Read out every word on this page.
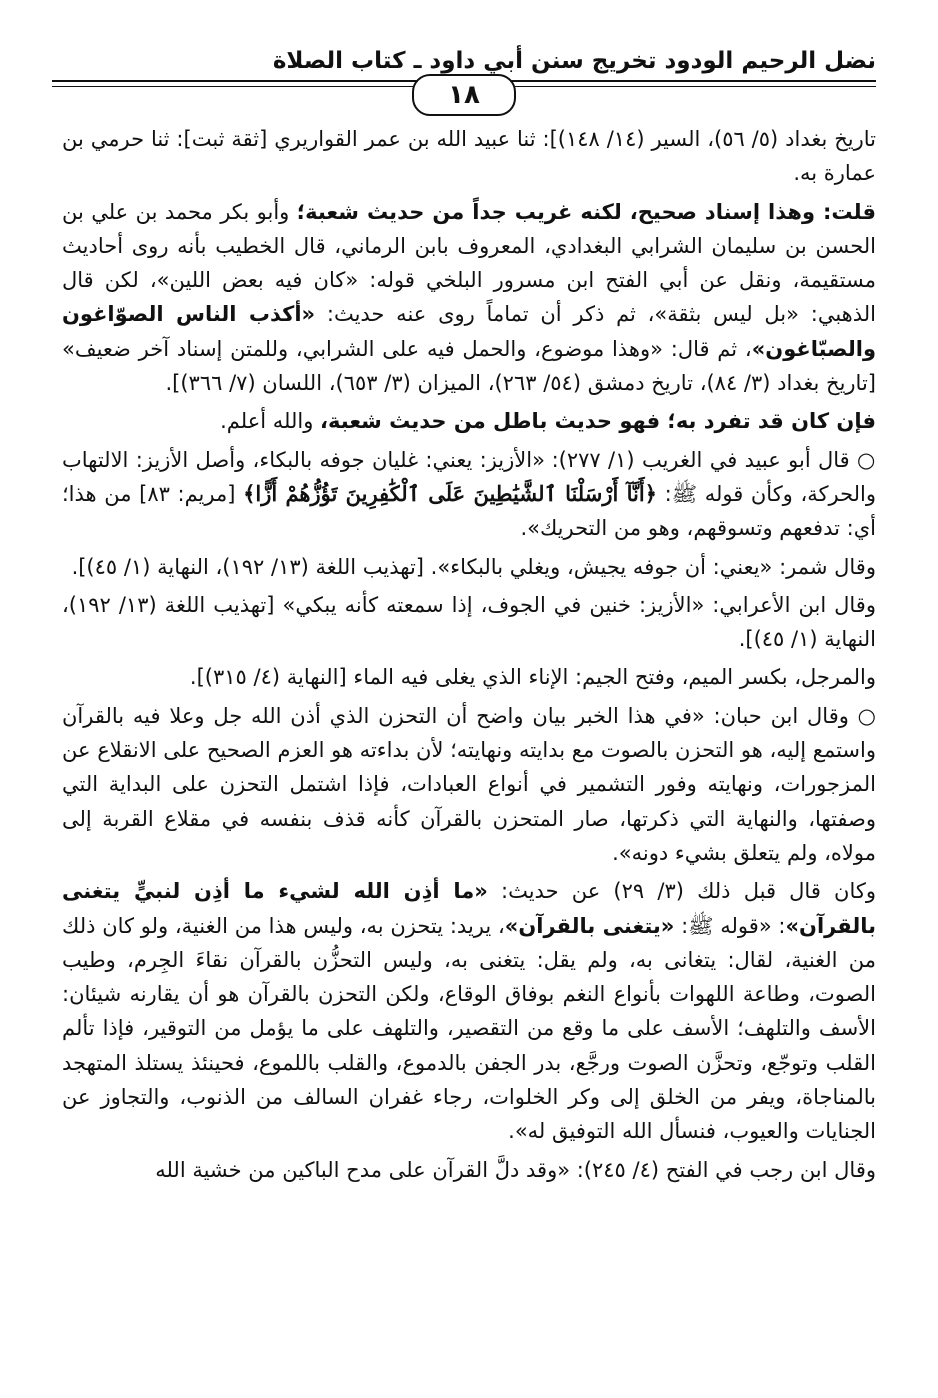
نضل الرحيم الودود تخريج سنن أبي داود ـ كتاب الصلاة
١٨

تاريخ بغداد (٥/ ٥٦)، السير (١٤/ ١٤٨)]: ثنا عبيد الله بن عمر القواريري [ثقة ثبت]: ثنا حرمي بن عمارة به.

قلت: وهذا إسناد صحيح، لكنه غريب جداً من حديث شعبة؛ وأبو بكر محمد بن علي بن الحسن بن سليمان الشرابي البغدادي، المعروف بابن الرماني، قال الخطيب بأنه روى أحاديث مستقيمة، ونقل عن أبي الفتح ابن مسرور البلخي قوله: «كان فيه بعض اللين»، لكن قال الذهبي: «بل ليس بثقة»، ثم ذكر أن تماماً روى عنه حديث: «أكذب الناس الصوّاغون والصبّاغون»، ثم قال: «وهذا موضوع، والحمل فيه على الشرابي، وللمتن إسناد آخر ضعيف» [تاريخ بغداد (٣/ ٨٤)، تاريخ دمشق (٥٤/ ٢٦٣)، الميزان (٣/ ٦٥٣)، اللسان (٧/ ٣٦٦)].

فإن كان قد تفرد به؛ فهو حديث باطل من حديث شعبة، والله أعلم.

○ قال أبو عبيد في الغريب (١/ ٢٧٧): «الأزيز: يعني: غليان جوفه بالبكاء، وأصل الأزيز: الالتهاب والحركة، وكأن قوله ﷺ: ﴿أَنَّآ أَرْسَلْنَا ٱلشَّيَٰطِينَ عَلَى ٱلْكَٰفِرِينَ تَؤُزُّهُمْ أَزًّا﴾ [مريم: ٨٣] من هذا؛ أي: تدفعهم وتسوقهم، وهو من التحريك».

وقال شمر: «يعني: أن جوفه يجيش، ويغلي بالبكاء». [تهذيب اللغة (١٣/ ١٩٢)، النهاية (١/ ٤٥)].

وقال ابن الأعرابي: «الأزيز: خنين في الجوف، إذا سمعته كأنه يبكي» [تهذيب اللغة (١٣/ ١٩٢)، النهاية (١/ ٤٥)].

والمرجل، بكسر الميم، وفتح الجيم: الإناء الذي يغلى فيه الماء [النهاية (٤/ ٣١٥)].

○ وقال ابن حبان: «في هذا الخبر بيان واضح أن التحزن الذي أذن الله جل وعلا فيه بالقرآن واستمع إليه، هو التحزن بالصوت مع بدايته ونهايته؛ لأن بداءته هو العزم الصحيح على الانقلاع عن المزجورات، ونهايته وفور التشمير في أنواع العبادات، فإذا اشتمل التحزن على البداية التي وصفتها، والنهاية التي ذكرتها، صار المتحزن بالقرآن كأنه قذف بنفسه في مقلاع القربة إلى مولاه، ولم يتعلق بشيء دونه».

وكان قال قبل ذلك (٣/ ٢٩) عن حديث: «ما أذِن الله لشيء ما أذِن لنبيٍّ يتغنى بالقرآن»: «قوله ﷺ: «يتغنى بالقرآن»، يريد: يتحزن به، وليس هذا من الغنية، ولو كان ذلك من الغنية، لقال: يتغانى به، ولم يقل: يتغنى به، وليس التحزُّن بالقرآن نقاءَ الجِرم، وطيب الصوت، وطاعة اللهوات بأنواع النغم بوفاق الوقاع، ولكن التحزن بالقرآن هو أن يقارنه شيئان: الأسف والتلهف؛ الأسف على ما وقع من التقصير، والتلهف على ما يؤمل من التوقير، فإذا تألم القلب وتوجّع، وتحزَّن الصوت ورجَّع، بدر الجفن بالدموع، والقلب باللموع، فحينئذ يستلذ المتهجد بالمناجاة، ويفر من الخلق إلى وكر الخلوات، رجاء غفران السالف من الذنوب، والتجاوز عن الجنايات والعيوب، فنسأل الله التوفيق له».

وقال ابن رجب في الفتح (٤/ ٢٤٥): «وقد دلَّ القرآن على مدح الباكين من خشية الله
